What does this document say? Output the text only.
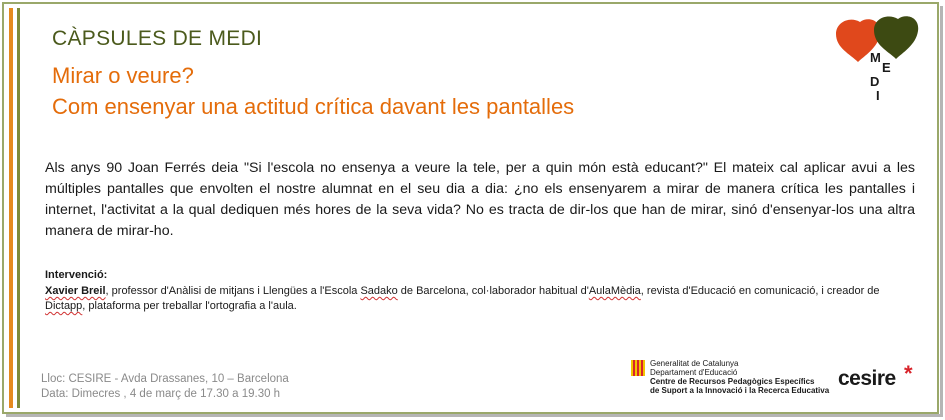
CÀPSULES DE MEDI
Mirar o veure?
Com ensenyar una actitud crítica davant les pantalles
M
E
D
I
Als anys 90 Joan Ferrés deia "Si l'escola no ensenya a veure la tele, per a quin món està educant?" El mateix cal aplicar avui a les múltiples pantalles que envolten el nostre alumnat en el seu dia a dia: ¿no els ensenyarem a mirar de manera crítica les pantalles i internet, l'activitat a la qual dediquen més hores de la seva vida? No es tracta de dir-los que han de mirar, sinó d'ensenyar-los una altra manera de mirar-ho.
Intervenció:
Xavier Breil, professor d'Anàlisi de mitjans i Llengües a l'Escola Sadako de Barcelona, col·laborador habitual d'AulaMèdia, revista d'Educació en comunicació, i creador de Dictapp, plataforma per treballar l'ortografia a l'aula.
Lloc: CESIRE - Avda Drassanes, 10 – Barcelona
Data: Dimecres , 4 de març de 17.30 a 19.30 h
Generalitat de Catalunya
Departament d'Educació
Centre de Recursos Pedagògics Específics
de Suport a la Innovació i la Recerca Educativa
cesire *
